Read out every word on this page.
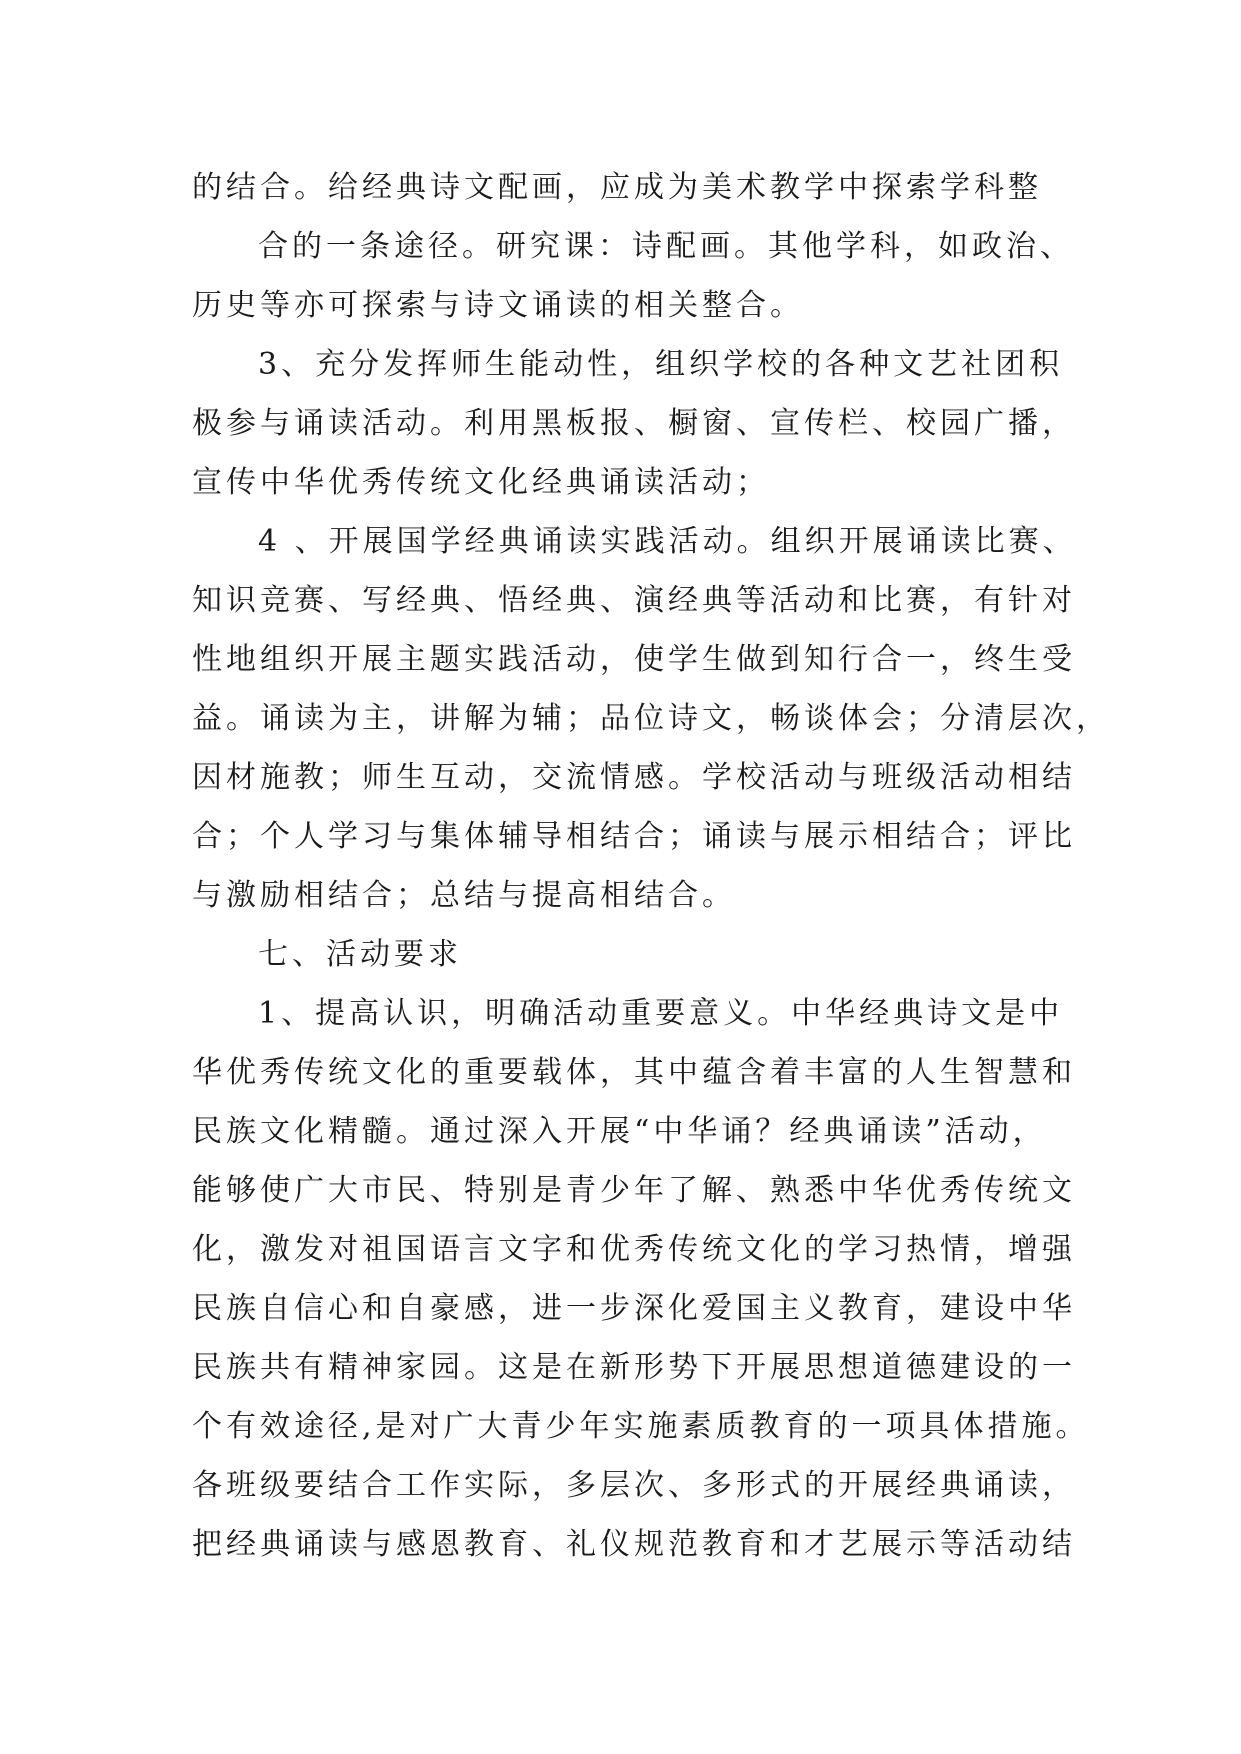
的结合。给经典诗文配画，应成为美术教学中探索学科整
合的一条途径。研究课：诗配画。其他学科，如政治、
历史等亦可探索与诗文诵读的相关整合。
3、充分发挥师生能动性，组织学校的各种文艺社团积
极参与诵读活动。利用黑板报、橱窗、宣传栏、校园广播，
宣传中华优秀传统文化经典诵读活动；
4 、开展国学经典诵读实践活动。组织开展诵读比赛、
知识竞赛、写经典、悟经典、演经典等活动和比赛，有针对
性地组织开展主题实践活动，使学生做到知行合一，终生受
益。诵读为主，讲解为辅；品位诗文，畅谈体会；分清层次，
因材施教；师生互动，交流情感。学校活动与班级活动相结
合；个人学习与集体辅导相结合；诵读与展示相结合；评比
与激励相结合；总结与提高相结合。
七、活动要求
1、提高认识，明确活动重要意义。中华经典诗文是中
华优秀传统文化的重要载体，其中蕴含着丰富的人生智慧和
民族文化精髓。通过深入开展“中华诵？经典诵读”活动，
能够使广大市民、特别是青少年了解、熟悉中华优秀传统文
化，激发对祖国语言文字和优秀传统文化的学习热情，增强
民族自信心和自豪感，进一步深化爱国主义教育，建设中华
民族共有精神家园。这是在新形势下开展思想道德建设的一
个有效途径,是对广大青少年实施素质教育的一项具体措施。
各班级要结合工作实际，多层次、多形式的开展经典诵读，
把经典诵读与感恩教育、礼仪规范教育和才艺展示等活动结
